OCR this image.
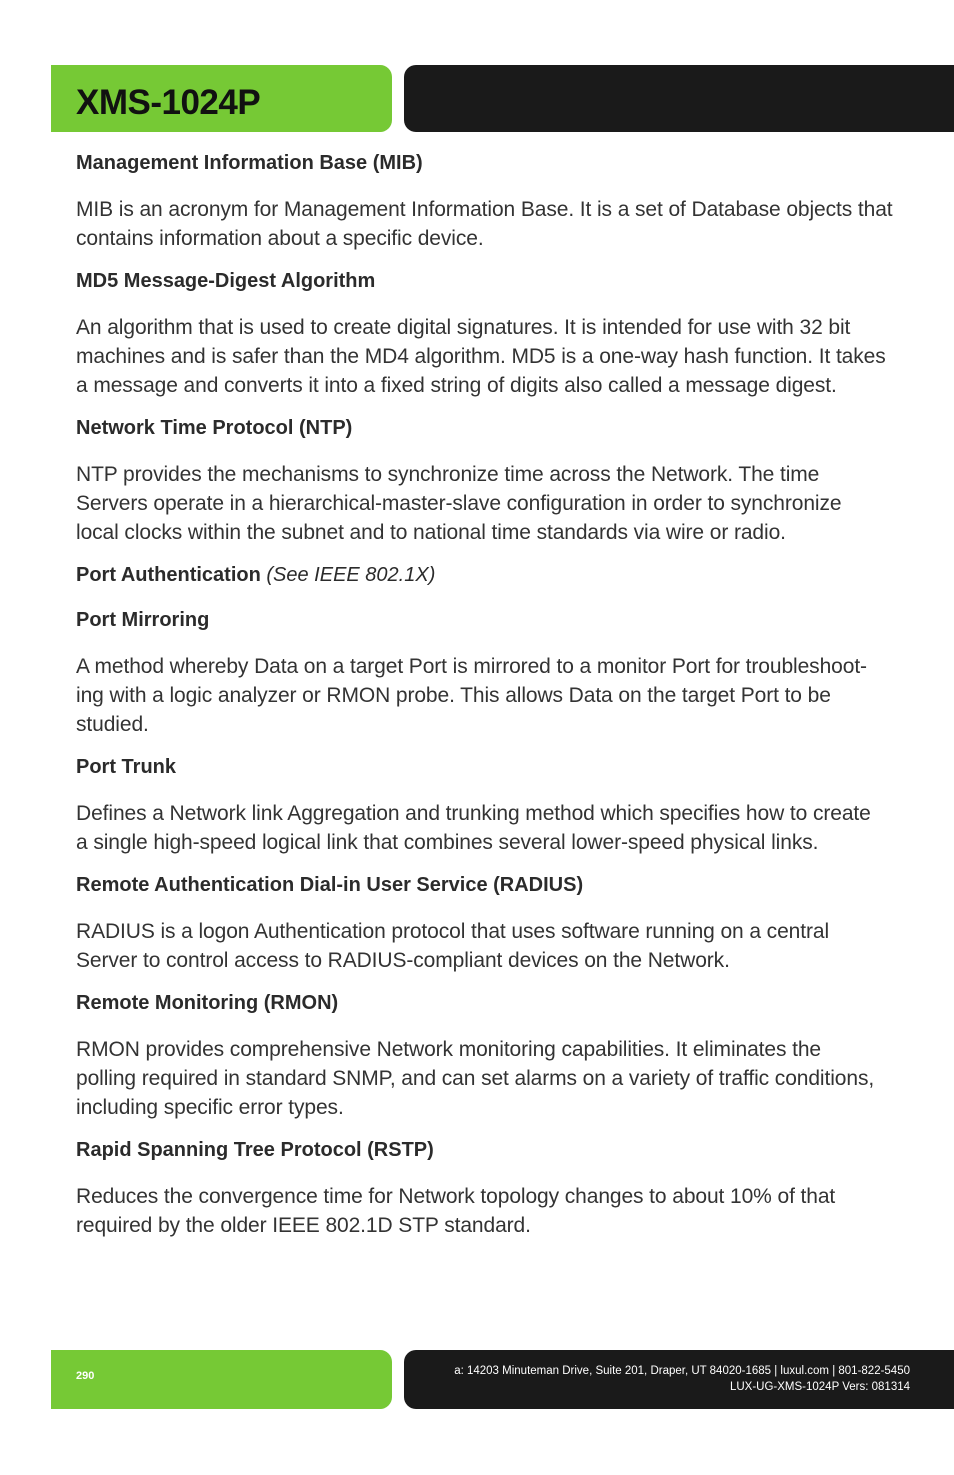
XMS-1024P
Management Information Base (MIB)

MIB is an acronym for Management Information Base. It is a set of Database objects that
contains information about a specific device.

MD5 Message-Digest Algorithm

An algorithm that is used to create digital signatures. It is intended for use with 32 bit
machines and is safer than the MD4 algorithm. MD5 is a one-way hash function. It takes
a message and converts it into a fixed string of digits also called a message digest.

Network Time Protocol (NTP)

NTP provides the mechanisms to synchronize time across the Network. The time
Servers operate in a hierarchical-master-slave configuration in order to synchronize
local clocks within the subnet and to national time standards via wire or radio.

Port Authentication (See IEEE 802.1X)
Port Mirroring

A method whereby Data on a target Port is mirrored to a monitor Port for troubleshoot-
ing with a logic analyzer or RMON probe. This allows Data on the target Port to be
studied.

Port Trunk

Defines a Network link Aggregation and trunking method which specifies how to create
a single high-speed logical link that combines several lower-speed physical links.

Remote Authentication Dial-in User Service (RADIUS)

RADIUS is a logon Authentication protocol that uses software running on a central
Server to control access to RADIUS-compliant devices on the Network.

Remote Monitoring (RMON)

RMON provides comprehensive Network monitoring capabilities. It eliminates the
polling required in standard SNMP, and can set alarms on a variety of traffic conditions,
including specific error types.

Rapid Spanning Tree Protocol (RSTP)

Reduces the convergence time for Network topology changes to about 10% of that
required by the older IEEE 802.1D STP standard.

290	a: 14203 Minuteman Drive, Suite 201, Draper, UT 84020-1685 | luxul.com | 801-822-5450
LUX-UG-XMS-1024P Vers: 081314
